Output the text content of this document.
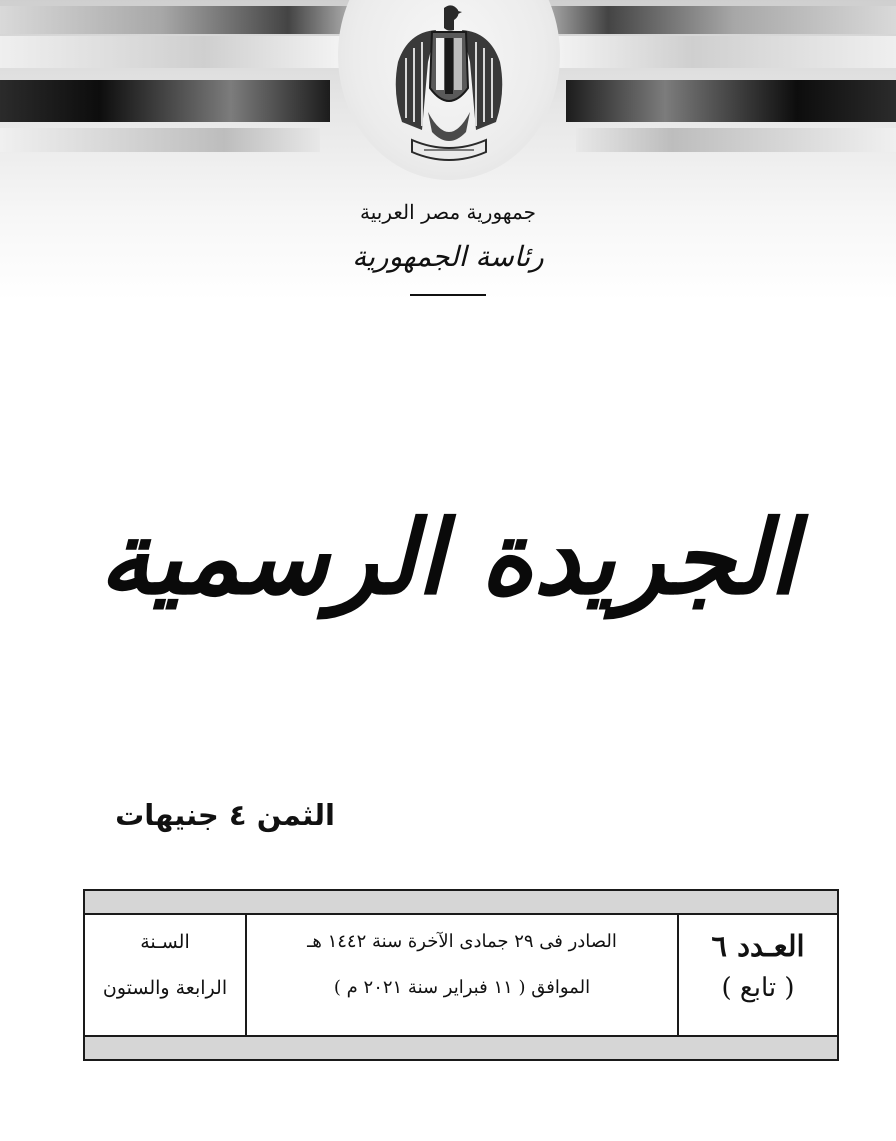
جمهورية مصر العربية
رئاسة الجمهورية
الجريدة الرسمية
الثمن ٤ جنيهات
السـنة
الرابعة والستون
الصادر فى ٢٩ جمادى الآخرة سنة ١٤٤٢ هـ
الموافق ( ١١ فبراير سنة ٢٠٢١ م )
العـدد ٦
( تابع )
